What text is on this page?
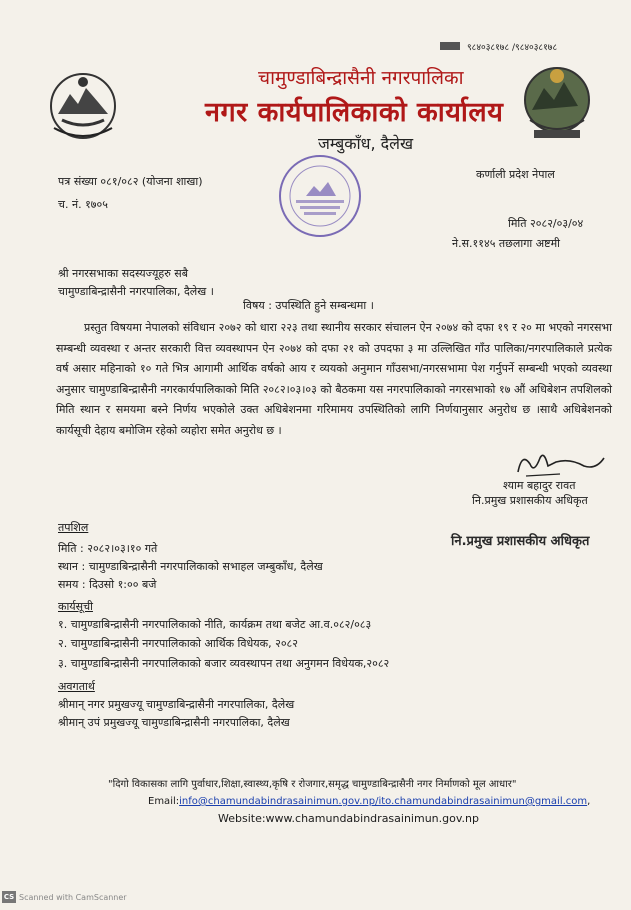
९८४०३८१७८ /९८४०३८१७८
चामुण्डाबिन्द्रासैनी नगरपालिका
नगर कार्यपालिकाको कार्यालय
जम्बुकाँध, दैलेख
पत्र संख्या ०८१/०८२ (योजना शाखा)
च. नं. १७०५
कर्णाली प्रदेश नेपाल
मिति २०८२/०३/०४
ने.स.११४५ तछलागा अष्टमी
श्री नगरसभाका सदस्यज्यूहरु सबै
चामुण्डाबिन्द्रासैनी नगरपालिका, दैलेख ।
विषय : उपस्थिति हुने सम्बन्धमा ।
प्रस्तुत विषयमा नेपालको संविधान २०७२ को धारा २२३ तथा स्थानीय सरकार संचालन ऐन २०७४ को दफा १९ र २० मा भएको नगरसभा सम्बन्धी व्यवस्था र अन्तर सरकारी वित्त व्यवस्थापन ऐन २०७४ को दफा २१ को उपदफा ३ मा उल्लिखित गाँउ पालिका/नगरपालिकाले प्रत्येक वर्ष असार महिनाको १० गते भित्र आगामी आर्थिक वर्षको आय र व्ययको अनुमान गाँउसभा/नगरसभामा पेश गर्नुपर्ने सम्बन्धी भएको व्यवस्था अनुसार चामुण्डाबिन्द्रासैनी नगरकार्यपालिकाको मिति २०८२।०३।०३ को बैठकमा यस नगरपालिकाको नगरसभाको १७ औं अधिबेशन तपशिलको मिति स्थान र समयमा बस्ने निर्णय भएकोले उक्त अधिबेशनमा गरिमामय उपस्थितिको लागि निर्णयानुसार अनुरोध छ ।साथै अधिबेशनको कार्यसूची देहाय बमोजिम रहेको व्यहोरा समेत अनुरोध छ ।
श्याम बहादुर रावत
नि.प्रमुख प्रशासकीय अधिकृत
नि.प्रमुख प्रशासकीय अधिकृत
तपशिल
मिति : २०८२।०३।१० गते
स्थान : चामुण्डाबिन्द्रासैनी नगरपालिकाको सभाहल जम्बुकाँध, दैलेख
समय : दिउसो १:०० बजे
कार्यसूची
१. चामुण्डाबिन्द्रासैनी नगरपालिकाको नीति, कार्यक्रम तथा बजेट आ.व.०८२/०८३
२. चामुण्डाबिन्द्रासैनी नगरपालिकाको आर्थिक विधेयक, २०८२
३. चामुण्डाबिन्द्रासैनी नगरपालिकाको बजार व्यवस्थापन तथा अनुगमन विधेयक,२०८२
अवगतार्थ
श्रीमान् नगर प्रमुखज्यू चामुण्डाबिन्द्रासैनी नगरपालिका, दैलेख
श्रीमान् उपं प्रमुखज्यू चामुण्डाबिन्द्रासैनी नगरपालिका, दैलेख
"दिगो विकासका लागि पुर्वाधार,शिक्षा,स्वास्थ्य,कृषि र रोजगार,समृद्ध चामुण्डाबिन्द्रासैनी नगर निर्माणको मूल आधार"
Email:info@chamundabindrasainimun.gov.np/ito.chamundabindrasainimun@gmail.com,
Website:www.chamundabindrasainimun.gov.np
CS Scanned with CamScanner
